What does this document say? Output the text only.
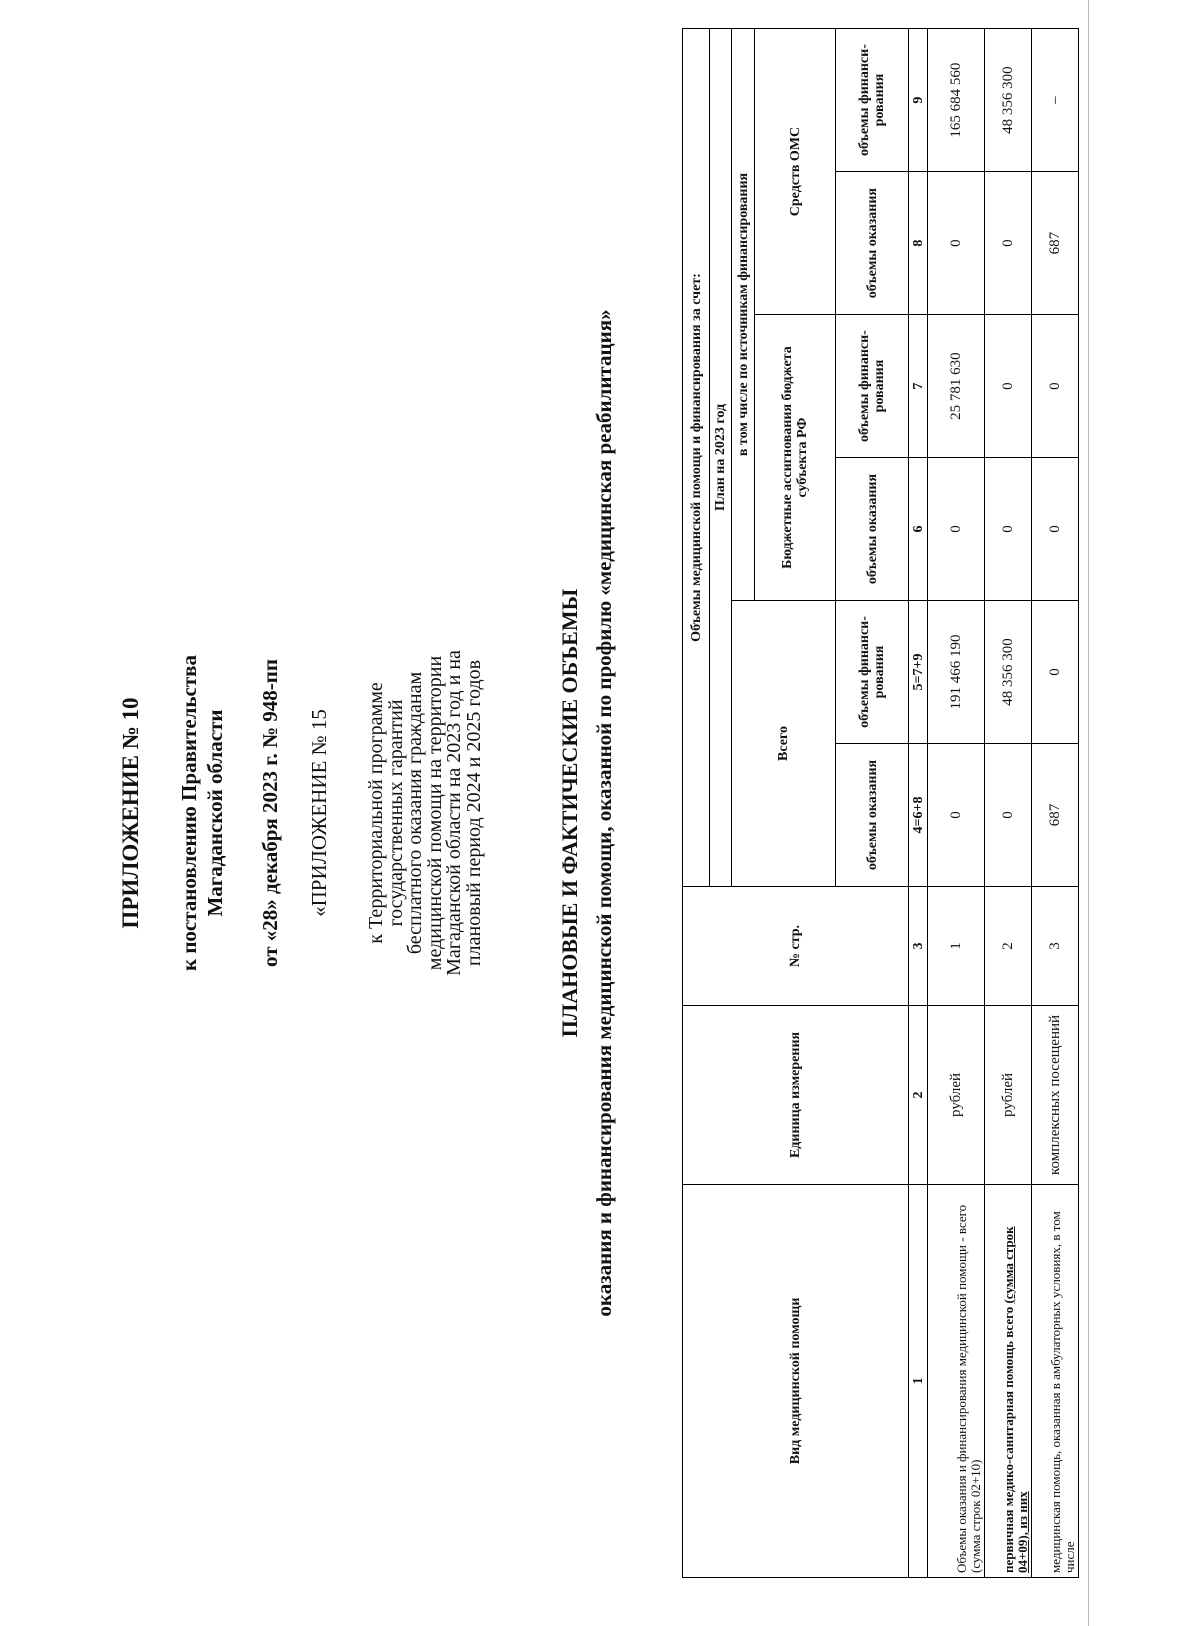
ПРИЛОЖЕНИЕ № 10 к постановлению Правительства Магаданской области от «28» декабря 2023 г. № 948-пп «ПРИЛОЖЕНИЕ № 15 к Территориальной программе
государственных гарантий
бесплатного оказания гражданам
медицинской помощи на территории
Магаданской области на 2023 год и на
плановый период 2024 и 2025 годов	ПЛАНОВЫЕ И ФАКТИЧЕСКИЕ ОБЪЕМЫ оказания и финансирования медицинской помощи, оказанной по профилю «медицинская реабилитация»
Вид медицинской помощи	Единица измерения	№ стр.	Объемы медицинской помощи и финансирования за счет:					
			План на 2023 год					
			Всего		в том числе по источникам финансирования			
					Бюджетные ассигнования бюджета субъекта РФ		Средств ОМС	
			объемы оказания	объемы финанси-рования	объемы оказания	объемы финанси-рования	объемы оказания	объемы финанси-рования
1	2	3	4=6+8	5=7+9	6	7	8	9
Объемы оказания и финансирования медицинской помощи - всего (сумма строк 02+10)	рублей	1	0	191 466 190	0	25 781 630	0	165 684 560
первичная медико-санитарная помощь всего (сумма строк 04+09), из них	рублей	2	0	48 356 300	0	0	0	48 356 300
медицинская помощь, оказанная в амбулаторных условиях, в том числе	комплексных посещений	3	687	0	0	0	687	–
